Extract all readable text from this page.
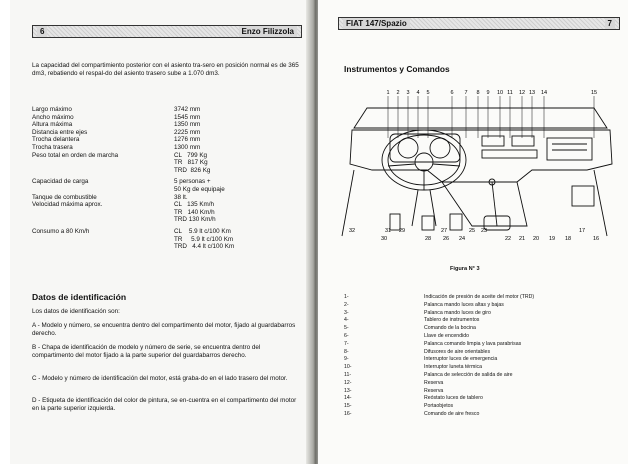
6	Enzo Filizzola

La capacidad del compartimiento posterior con el asiento tra-sero en posición normal es de 365 dm3, rebatiendo el respal-do del asiento trasero sube a 1.070 dm3.

Largo máximo	3742 mm
Ancho máximo	1545 mm
Altura máxima	1350 mm
Distancia entre ejes	2225 mm
Trocha delantera	1276 mm
Trocha trasera	1300 mm
Peso total en orden de marcha	CL   799 Kg
TR   817 Kg
TRD  826 Kg
Capacidad de carga	5 personas +
50 Kg de equipaje
Tanque de combustible	38 lt.
Velocidad máxima aprox.	CL   135 Km/h
TR   140 Km/h
TRD 130 Km/h
Consumo a 80 Km/h	CL    5.9 lt c/100 Km
TR     5.9 lt c/100 Km
TRD   4.4 lt c/100 Km
Datos de identificación

Los datos de identificación son:

A - Modelo y número, se encuentra dentro del compartimento del motor, fijado al guardabarros derecho.

B - Chapa de identificación de modelo y número de serie, se encuentra dentro del compartimento del motor fijado a la parte superior del guardabarros derecho.

C - Modelo y número de identificación del motor, está graba-do en el lado trasero del motor.

D - Etiqueta de identificación del color de pintura, se en-cuentra en el compartimento del motor en la parte superior izquierda.

FIAT 147/Spazio	7
Instrumentos y Comandos
1 2 3 4 5	6 7 8 9 10 11 12 13 14	15
32	31 29
30	28 26 24
27	25 23
22 21 20 19 18
17
16
Figura N° 3
1-	Indicación de presión de aceite del motor (TRD)
2-	Palanca mando luces altas y bajas
3-	Palanca mando luces de giro
4-	Tablero de instrumentos
5-	Comando de la bocina
6-	Llave de encendido
7-	Palanca comando limpia y lava parabrisas
8-	Difusores de aire orientables
9-	Interruptor luces de emergencia
10-	Interruptor luneta térmica
11-	Palanca de selección de salida de aire
12-	Reserva
13-	Reserva
14-	Reóstato luces de tablero
15-	Portaobjetos
16-	Comando de aire fresco
